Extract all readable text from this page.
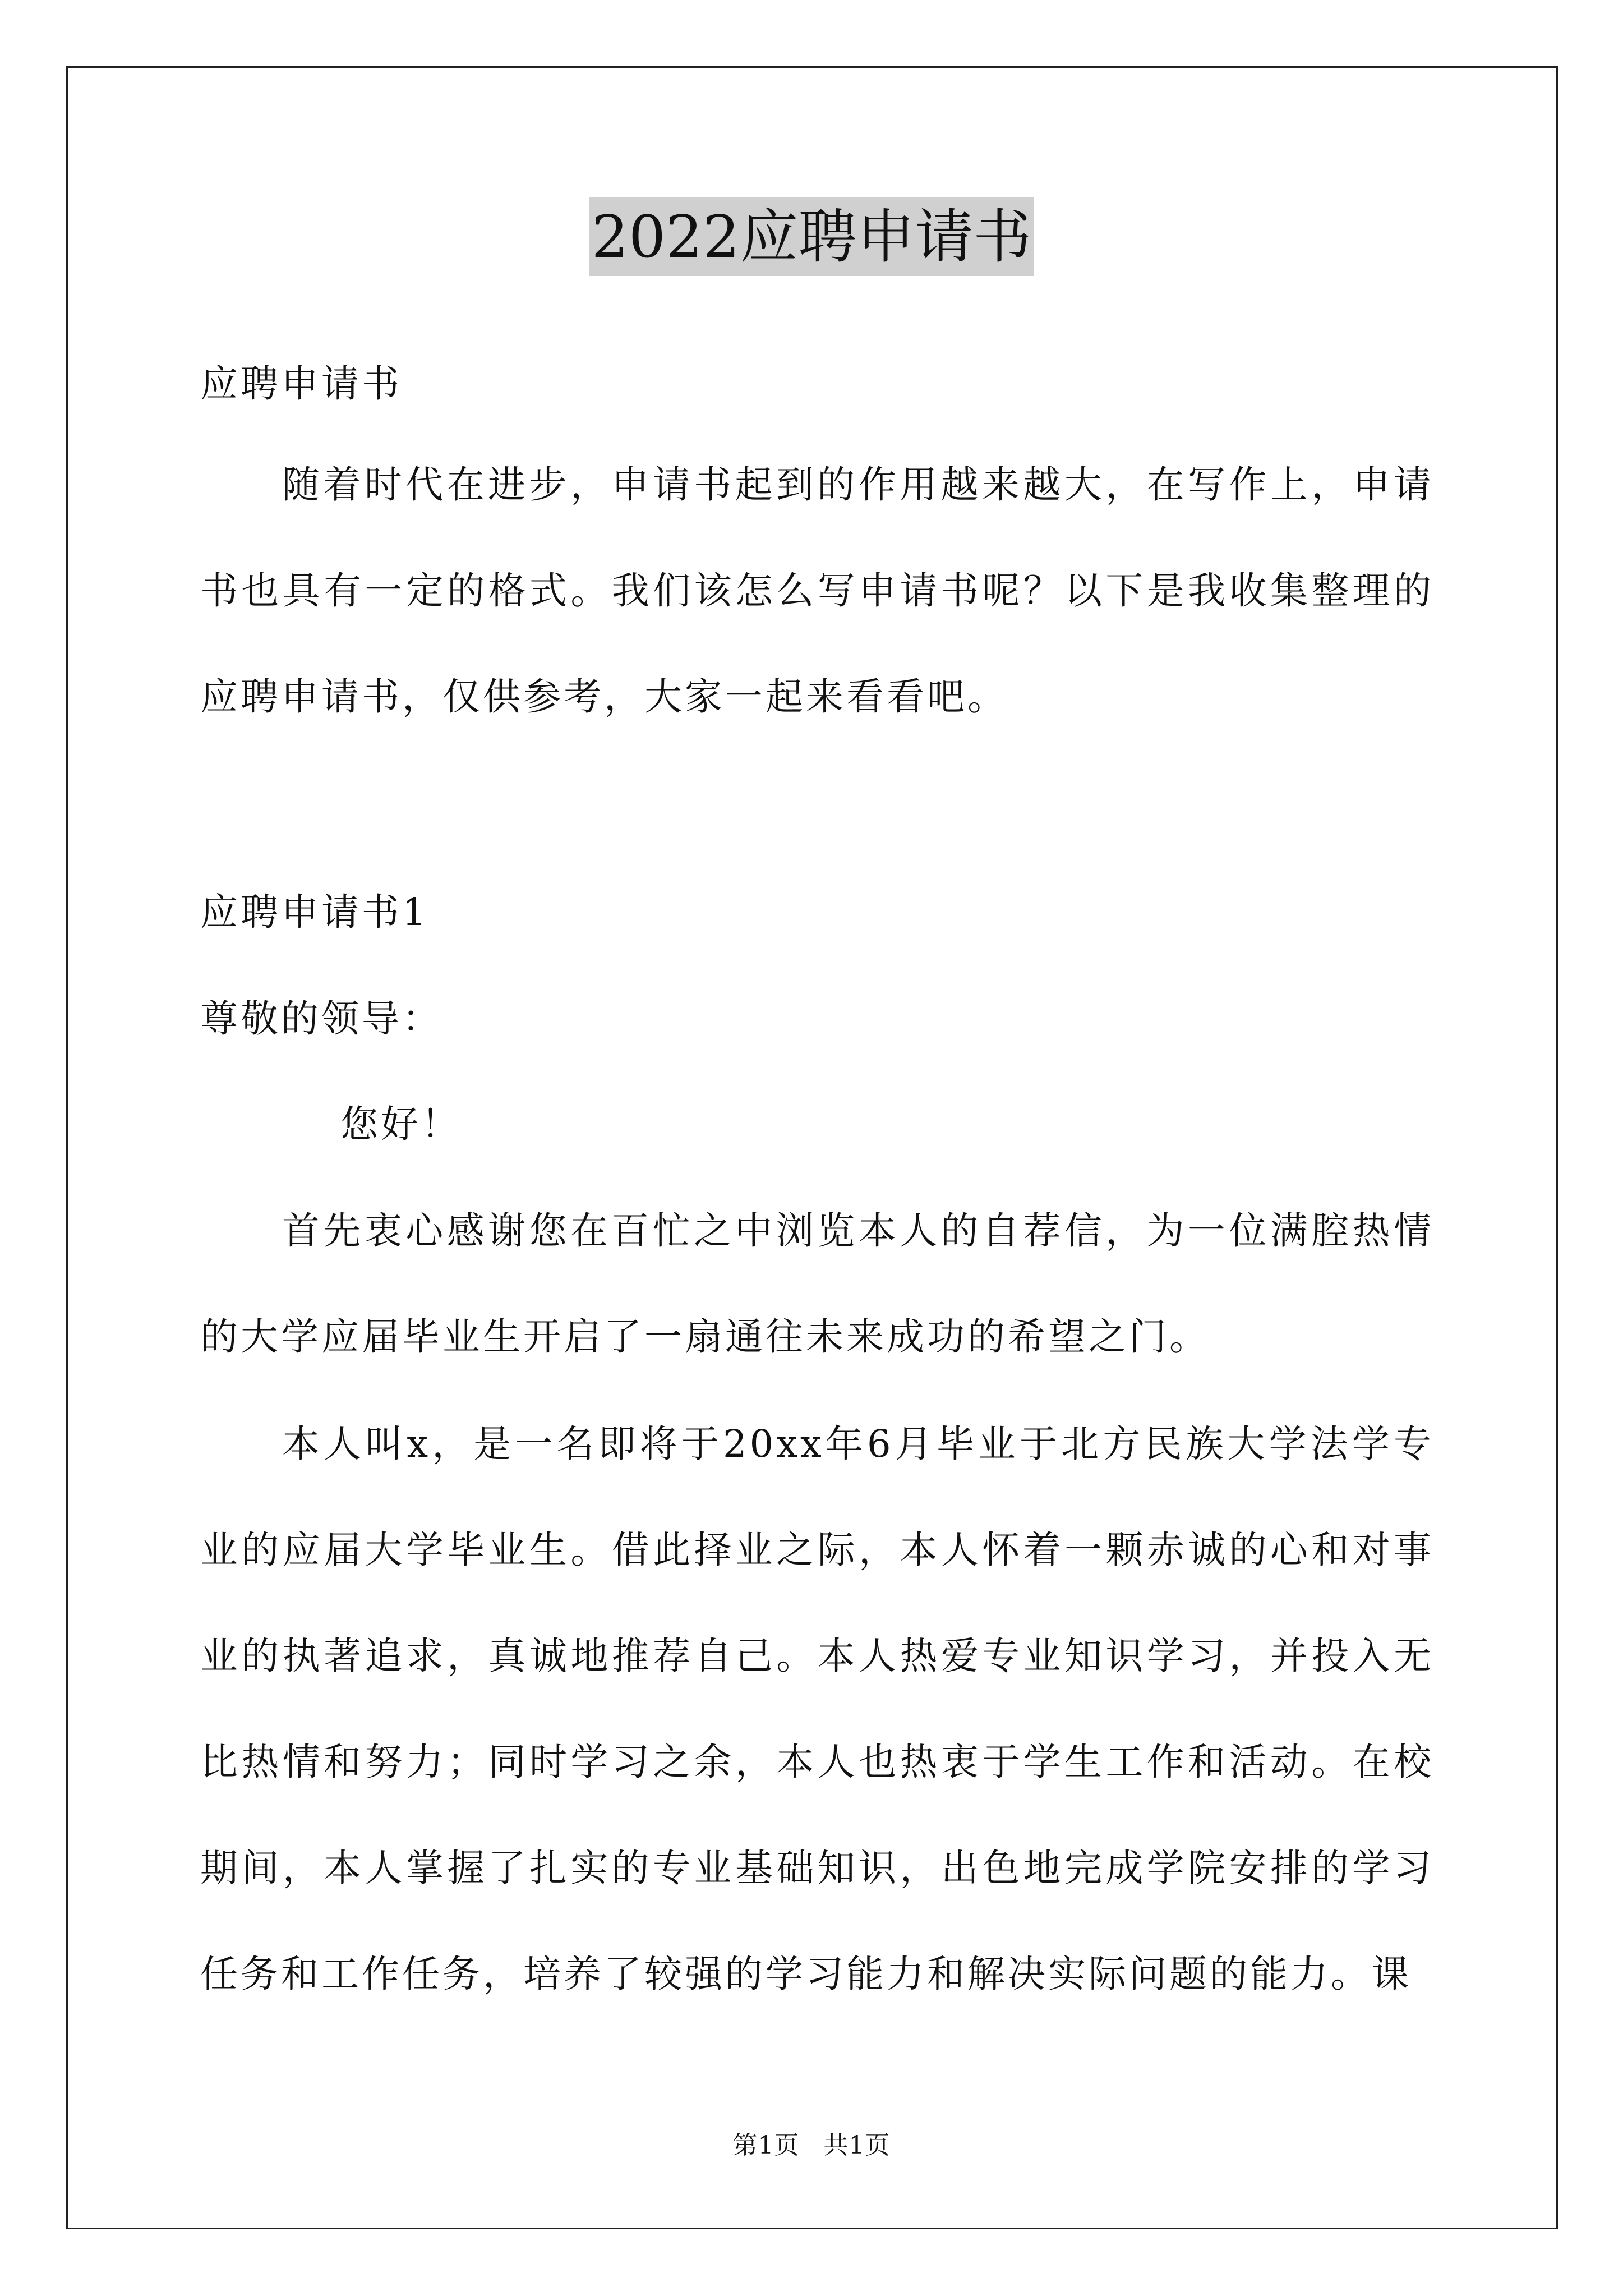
2022应聘申请书

应聘申请书

随着时代在进步，申请书起到的作用越来越大，在写作上，申请书也具有一定的格式。我们该怎么写申请书呢？以下是我收集整理的应聘申请书，仅供参考，大家一起来看看吧。

应聘申请书1

尊敬的领导：

您好！

首先衷心感谢您在百忙之中浏览本人的自荐信，为一位满腔热情的大学应届毕业生开启了一扇通往未来成功的希望之门。

本人叫x，是一名即将于20xx年6月毕业于北方民族大学法学专业的应届大学毕业生。借此择业之际，本人怀着一颗赤诚的心和对事业的执著追求，真诚地推荐自己。本人热爱专业知识学习，并投入无比热情和努力；同时学习之余，本人也热衷于学生工作和活动。在校期间，本人掌握了扎实的专业基础知识，出色地完成学院安排的学习任务和工作任务，培养了较强的学习能力和解决实际问题的能力。课

第1页 共1页
